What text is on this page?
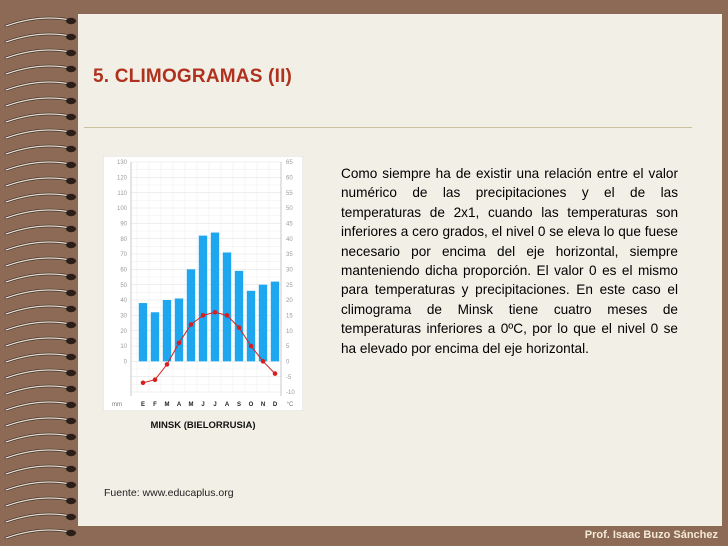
5. CLIMOGRAMAS (II)
0
10
20
30
40
50
60
70
80
90
100
110
120
130
-10
-5
0
5
10
15
20
25
30
35
40
45
50
55
60
65
mm	°C
E F M A M J J A S O N D
MINSK (BIELORRUSIA)
Como siempre ha de existir una relación entre el valor numérico de las precipitaciones y el de las temperaturas de 2x1, cuando las temperaturas son inferiores a cero grados, el nivel 0 se eleva lo que fuese necesario por encima del eje horizontal, siempre manteniendo dicha proporción. El valor 0 es el mismo para temperaturas y precipitaciones. En este caso el climograma de Minsk tiene cuatro meses de temperaturas inferiores a 0ºC, por lo que el nivel 0 se ha elevado por encima del eje horizontal.
Fuente: www.educaplus.org
Prof. Isaac Buzo Sánchez
